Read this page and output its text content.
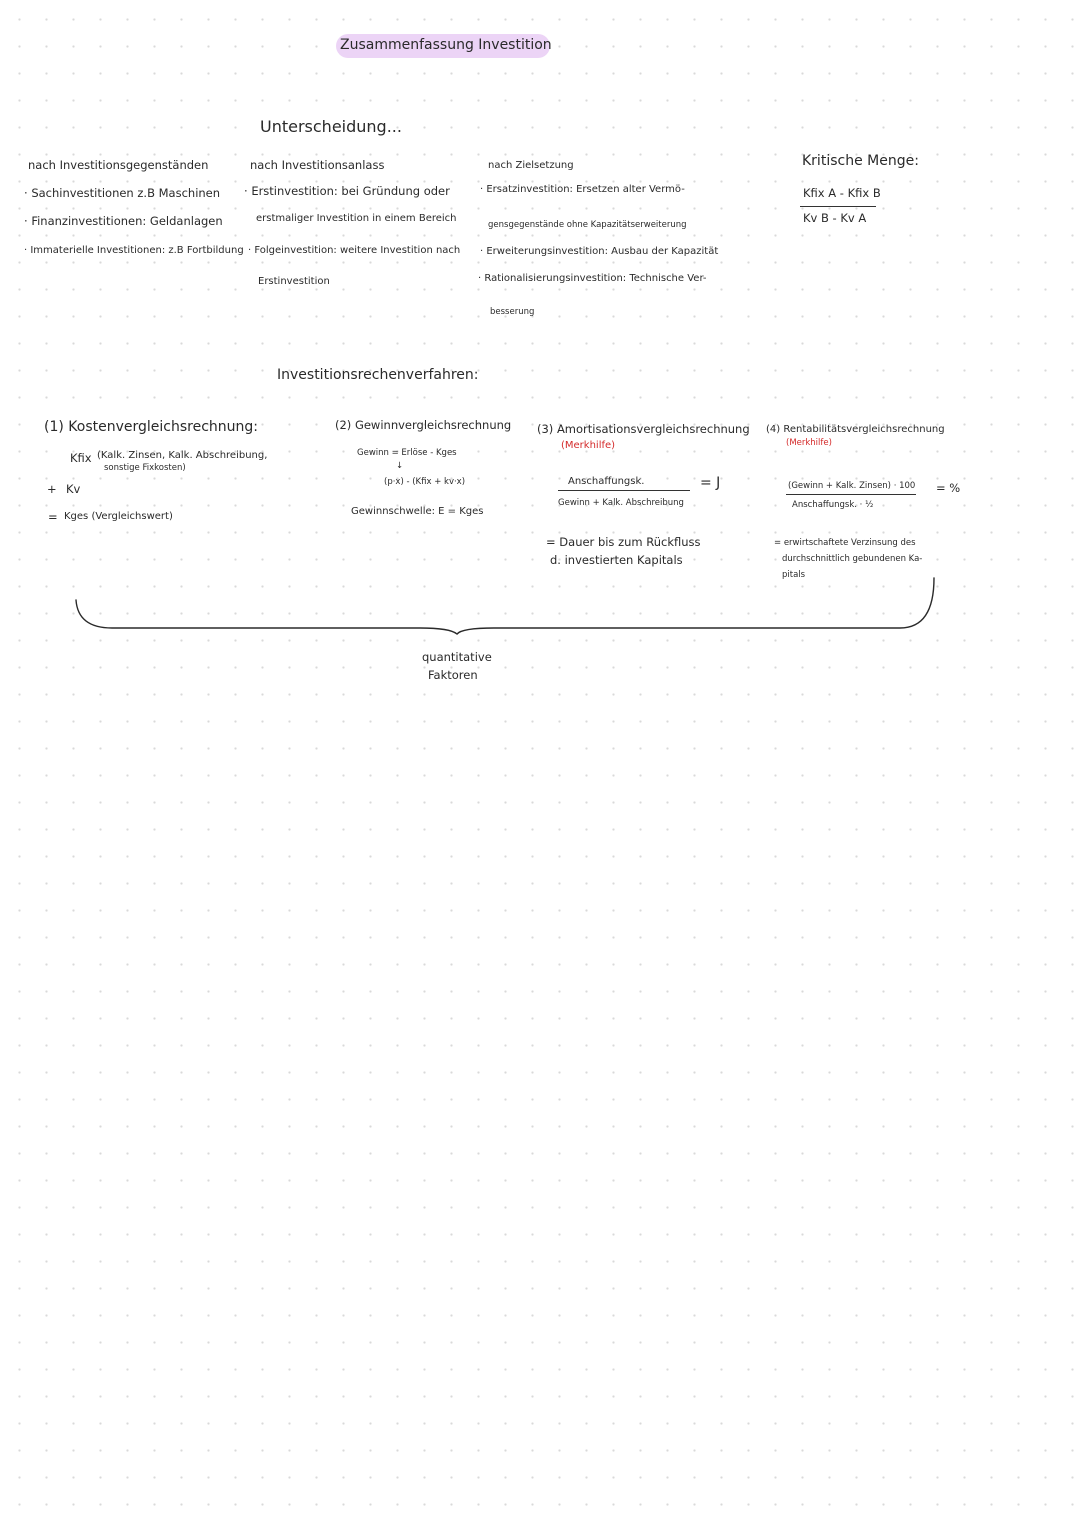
Zusammenfassung Investition
Unterscheidung...
nach Investitionsgegenständen
· Sachinvestitionen z.B Maschinen
· Finanzinvestitionen: Geldanlagen
· Immaterielle Investitionen: z.B Fortbildung
nach Investitionsanlass
· Erstinvestition: bei Gründung oder
erstmaliger Investition in einem Bereich
· Folgeinvestition: weitere Investition nach
Erstinvestition
nach Zielsetzung
· Ersatzinvestition: Ersetzen alter Vermö-
gensgegenstände ohne Kapazitätserweiterung
· Erweiterungsinvestition: Ausbau der Kapazität
· Rationalisierungsinvestition: Technische Ver-
besserung
Kritische Menge:
Kfix A - Kfix B
Kv B - Kv A
Investitionsrechenverfahren:
(1) Kostenvergleichsrechnung:
Kfix (Kalk. Zinsen, Kalk. Abschreibung,
sonstige Fixkosten)
+ Kv
= Kges (Vergleichswert)
(2) Gewinnvergleichsrechnung
Gewinn = Erlöse - Kges
↓
(p·x) - (Kfix + kv·x)
Gewinnschwelle: E = Kges
(3) Amortisationsvergleichsrechnung
(Merkhilfe)
Anschaffungsk.
Gewinn + Kalk. Abschreibung
= J
= Dauer bis zum Rückfluss
d. investierten Kapitals
(4) Rentabilitätsvergleichsrechnung
(Merkhilfe)
(Gewinn + Kalk. Zinsen) · 100
Anschaffungsk. · ½
= %
= erwirtschaftete Verzinsung des
durchschnittlich gebundenen Ka-
pitals
quantitative
Faktoren
